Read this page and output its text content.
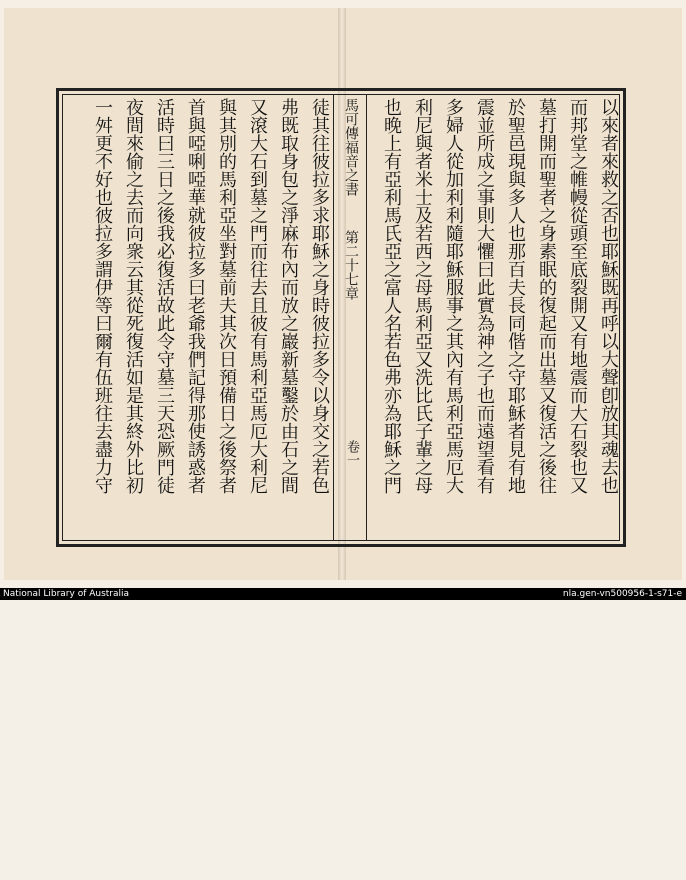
馬可傳福音之書
第二十七章
卷一	以來者來救之否也耶穌既再呼以大聲卽放其魂去也
而邦堂之帷幔從頭至底裂開又有地震而大石裂也又
墓打開而聖者之身素眠的復起而出墓又復活之後往
於聖邑現與多人也那百夫長同偕之守耶穌者見有地
震並所成之事則大懼曰此實為神之子也而遠望看有
多婦人從加利利隨耶穌服事之其內有馬利亞馬厄大
利尼與者米士及若西之母馬利亞又洗比氏子輩之母
也晚上有亞利馬氏亞之富人名若色弗亦為耶穌之門
徒其往彼拉多求耶穌之身時彼拉多令以身交之若色
弗既取身包之淨麻布內而放之巖新墓鑿於由石之間
又滾大石到墓之門而往去且彼有馬利亞馬厄大利尼
與其別的馬利亞坐對墓前夫其次日預備日之後祭者
首與啞唎啞華就彼拉多曰老爺我們記得那使誘惑者
活時曰三日之後我必復活故此令守墓三天恐厥門徒
夜間來偷之去而向衆云其從死復活如是其終外比初
一舛更不好也彼拉多謂伊等曰爾有伍班往去盡力守
National Library of Australia	nla.gen-vn500956-1-s71-e
